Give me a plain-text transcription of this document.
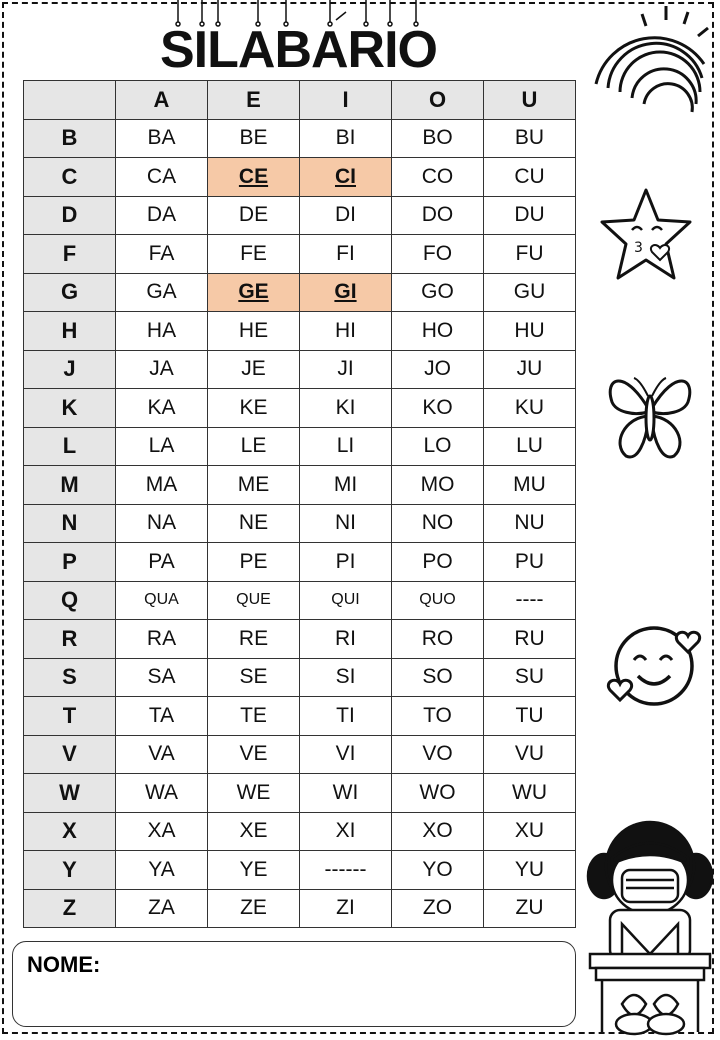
SILABARIO
	A	E	I	O	U
B	BA	BE	BI	BO	BU
C	CA	CE	CI	CO	CU
D	DA	DE	DI	DO	DU
F	FA	FE	FI	FO	FU
G	GA	GE	GI	GO	GU
H	HA	HE	HI	HO	HU
J	JA	JE	JI	JO	JU
K	KA	KE	KI	KO	KU
L	LA	LE	LI	LO	LU
M	MA	ME	MI	MO	MU
N	NA	NE	NI	NO	NU
P	PA	PE	PI	PO	PU
Q	QUA	QUE	QUI	QUO	----
R	RA	RE	RI	RO	RU
S	SA	SE	SI	SO	SU
T	TA	TE	TI	TO	TU
V	VA	VE	VI	VO	VU
W	WA	WE	WI	WO	WU
X	XA	XE	XI	XO	XU
Y	YA	YE	------	YO	YU
Z	ZA	ZE	ZI	ZO	ZU
NOME:
3
